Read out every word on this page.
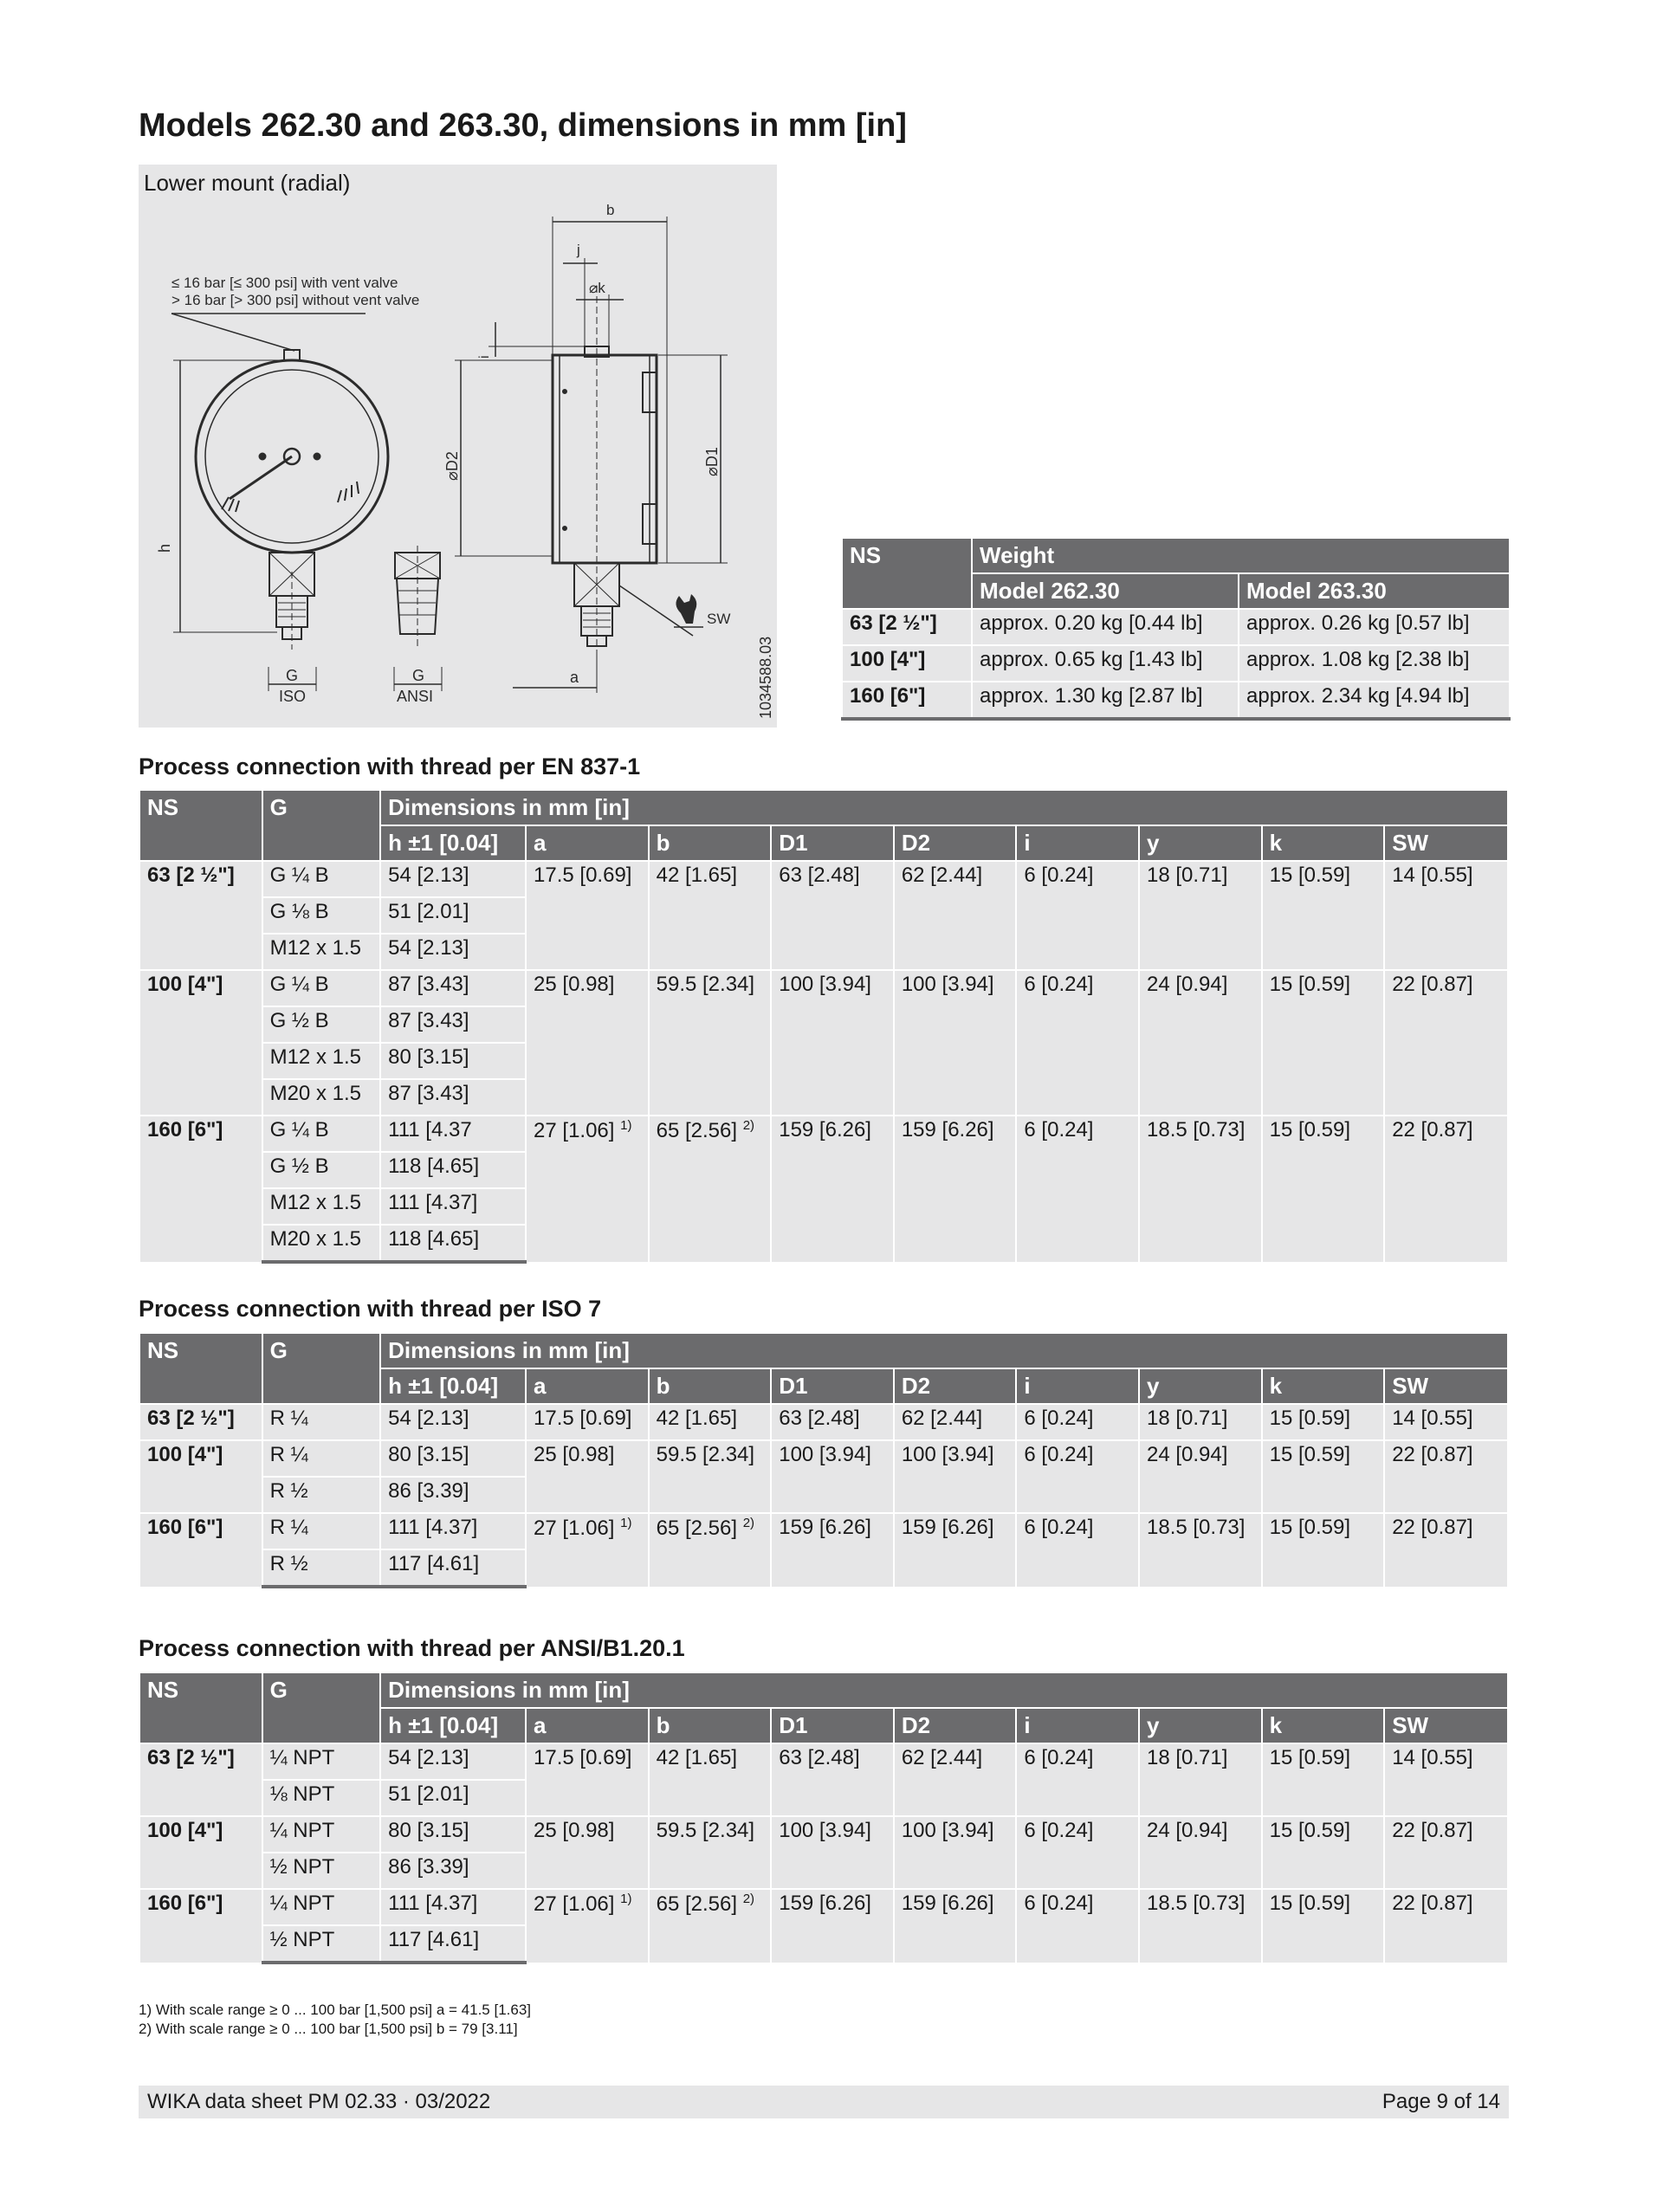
Models 262.30 and 263.30, dimensions in mm [in]
Lower mount (radial)
≤ 16 bar [≤ 300 psi] with vent valve
> 16 bar [> 300 psi] without vent valve
h
G
ISO
G
ANSI
⌀D2
b
j
⌀k
i
⌀D1
a
SW
1034588.03
NS	Weight	
	Model 262.30	Model 263.30
63 [2 ½"]	approx. 0.20 kg [0.44 lb]	approx. 0.26 kg [0.57 lb]
100 [4"]	approx. 0.65 kg [1.43 lb]	approx. 1.08 kg [2.38 lb]
160 [6"]	approx. 1.30 kg [2.87 lb]	approx. 2.34 kg [4.94 lb]
Process connection with thread per EN 837-1
NS	G	Dimensions in mm [in]								
		h ±1 [0.04]	a	b	D1	D2	i	y	k	SW
63 [2 ½"]	G ¼ B	54 [2.13]	17.5 [0.69]	42 [1.65]	63 [2.48]	62 [2.44]	6 [0.24]	18 [0.71]	15 [0.59]	14 [0.55]
	G ⅛ B	51 [2.01]								
	M12 x 1.5	54 [2.13]								
100 [4"]	G ¼ B	87 [3.43]	25 [0.98]	59.5 [2.34]	100 [3.94]	100 [3.94]	6 [0.24]	24 [0.94]	15 [0.59]	22 [0.87]
	G ½ B	87 [3.43]								
	M12 x 1.5	80 [3.15]								
	M20 x 1.5	87 [3.43]								
160 [6"]	G ¼ B	111 [4.37	27 [1.06] $^{1)}$	65 [2.56] $^{2)}$	159 [6.26]	159 [6.26]	6 [0.24]	18.5 [0.73]	15 [0.59]	22 [0.87]
	G ½ B	118 [4.65]								
	M12 x 1.5	111 [4.37]								
	M20 x 1.5	118 [4.65]								
Process connection with thread per ISO 7
NS	G	Dimensions in mm [in]								
		h ±1 [0.04]	a	b	D1	D2	i	y	k	SW
63 [2 ½"]	R ¼	54 [2.13]	17.5 [0.69]	42 [1.65]	63 [2.48]	62 [2.44]	6 [0.24]	18 [0.71]	15 [0.59]	14 [0.55]
100 [4"]	R ¼	80 [3.15]	25 [0.98]	59.5 [2.34]	100 [3.94]	100 [3.94]	6 [0.24]	24 [0.94]	15 [0.59]	22 [0.87]
	R ½	86 [3.39]								
160 [6"]	R ¼	111 [4.37]	27 [1.06] $^{1)}$	65 [2.56] $^{2)}$	159 [6.26]	159 [6.26]	6 [0.24]	18.5 [0.73]	15 [0.59]	22 [0.87]
	R ½	117 [4.61]								
Process connection with thread per ANSI/B1.20.1
NS	G	Dimensions in mm [in]								
		h ±1 [0.04]	a	b	D1	D2	i	y	k	SW
63 [2 ½"]	¼ NPT	54 [2.13]	17.5 [0.69]	42 [1.65]	63 [2.48]	62 [2.44]	6 [0.24]	18 [0.71]	15 [0.59]	14 [0.55]
	⅛ NPT	51 [2.01]								
100 [4"]	¼ NPT	80 [3.15]	25 [0.98]	59.5 [2.34]	100 [3.94]	100 [3.94]	6 [0.24]	24 [0.94]	15 [0.59]	22 [0.87]
	½ NPT	86 [3.39]								
160 [6"]	¼ NPT	111 [4.37]	27 [1.06] $^{1)}$	65 [2.56] $^{2)}$	159 [6.26]	159 [6.26]	6 [0.24]	18.5 [0.73]	15 [0.59]	22 [0.87]
	½ NPT	117 [4.61]								
1) With scale range ≥ 0 ... 100 bar [1,500 psi] a = 41.5 [1.63]
2) With scale range ≥ 0 ... 100 bar [1,500 psi] b = 79 [3.11]
WIKA data sheet PM 02.33 · 03/2022	Page 9 of 14
